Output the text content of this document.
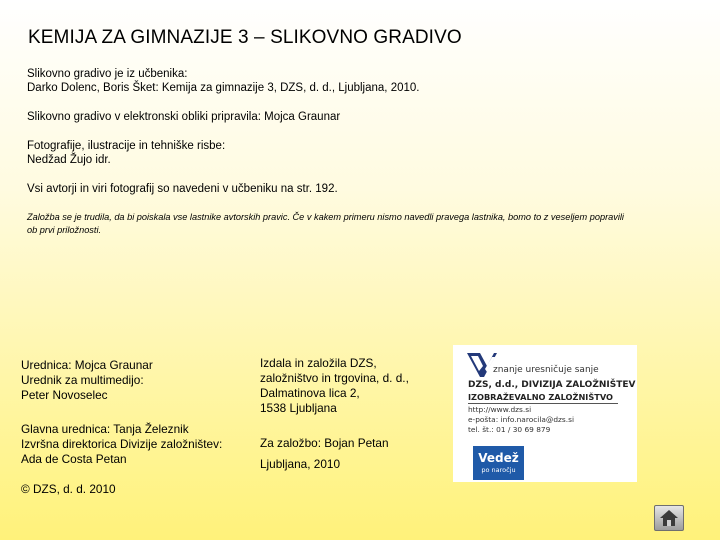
KEMIJA ZA GIMNAZIJE 3 – SLIKOVNO GRADIVO
Slikovno gradivo je iz učbenika:
Darko Dolenc, Boris Šket: Kemija za gimnazije 3, DZS, d. d., Ljubljana, 2010.
Slikovno gradivo v elektronski obliki pripravila: Mojca Graunar
Fotografije, ilustracije in tehniške risbe:
Nedžad Žujo idr.
Vsi avtorji in viri fotografij so navedeni v učbeniku na str. 192.
Založba se je trudila, da bi poiskala vse lastnike avtorskih pravic. Če v kakem primeru nismo navedli pravega lastnika, bomo to z veseljem popravili ob prvi priložnosti.
Urednica: Mojca Graunar
Urednik za multimedijo:
Peter Novoselec
Glavna urednica: Tanja Železnik
Izvršna direktorica Divizije založništev:
Ada de Costa Petan
© DZS, d. d. 2010
Izdala in založila DZS,
založništvo in trgovina, d. d.,
Dalmatinova lica 2,
1538 Ljubljana
Za založbo: Bojan Petan
Ljubljana, 2010
znanje uresničuje sanje
DZS, d.d., DIVIZIJA ZALOŽNIŠTEV
IZOBRAŽEVALNO ZALOŽNIŠTVO
http://www.dzs.si
e-pošta: info.narocila@dzs.si
tel. št.: 01 / 30 69 879
Vedež
po naročju
